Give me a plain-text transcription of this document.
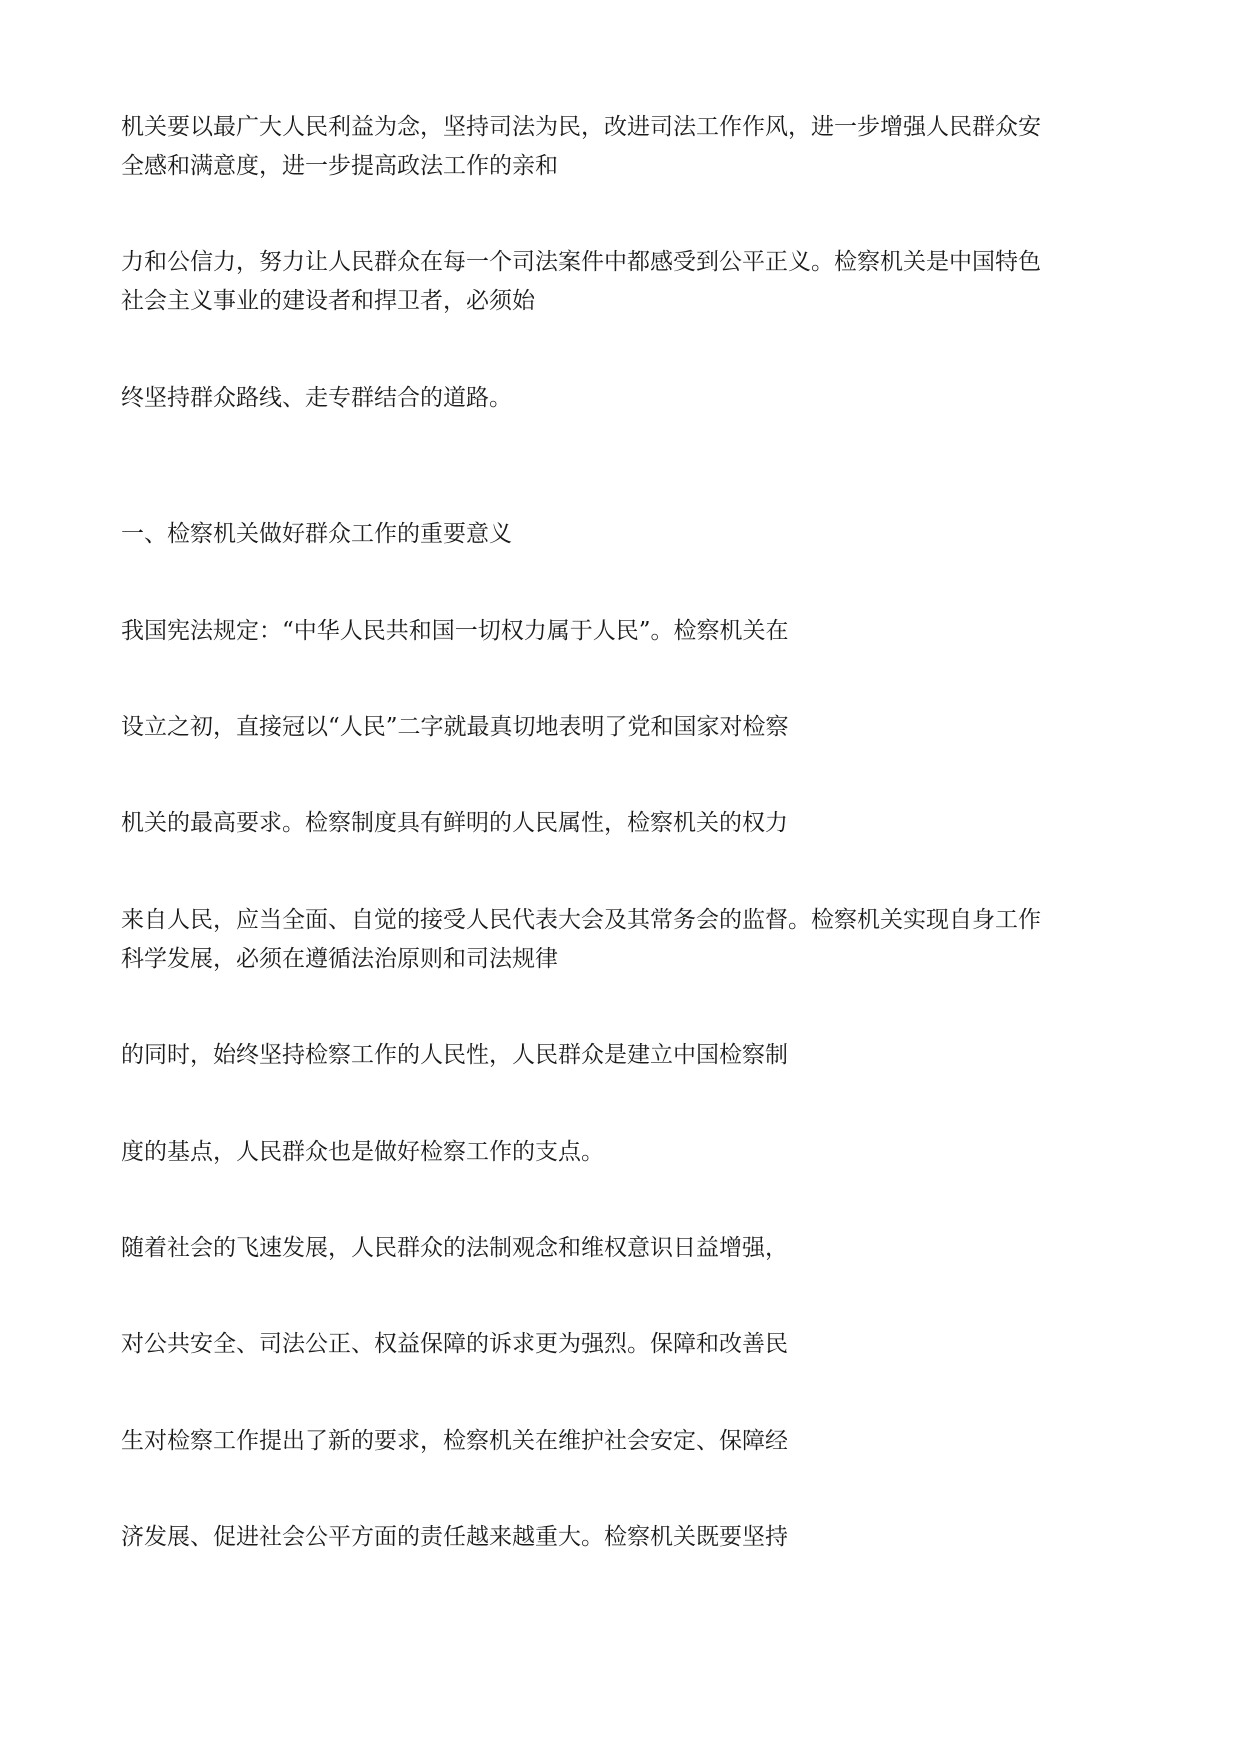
机关要以最广大人民利益为念，坚持司法为民，改进司法工作作风，进一步增强人民群众安
全感和满意度，进一步提高政法工作的亲和

力和公信力，努力让人民群众在每一个司法案件中都感受到公平正义。检察机关是中国特色
社会主义事业的建设者和捍卫者，必须始

终坚持群众路线、走专群结合的道路。

一、检察机关做好群众工作的重要意义

我国宪法规定：“中华人民共和国一切权力属于人民”。检察机关在

设立之初，直接冠以“人民”二字就最真切地表明了党和国家对检察

机关的最高要求。检察制度具有鲜明的人民属性，检察机关的权力

来自人民，应当全面、自觉的接受人民代表大会及其常务会的监督。检察机关实现自身工作
科学发展，必须在遵循法治原则和司法规律

的同时，始终坚持检察工作的人民性，人民群众是建立中国检察制

度的基点，人民群众也是做好检察工作的支点。

随着社会的飞速发展，人民群众的法制观念和维权意识日益增强，

对公共安全、司法公正、权益保障的诉求更为强烈。保障和改善民

生对检察工作提出了新的要求，检察机关在维护社会安定、保障经

济发展、促进社会公平方面的责任越来越重大。检察机关既要坚持
